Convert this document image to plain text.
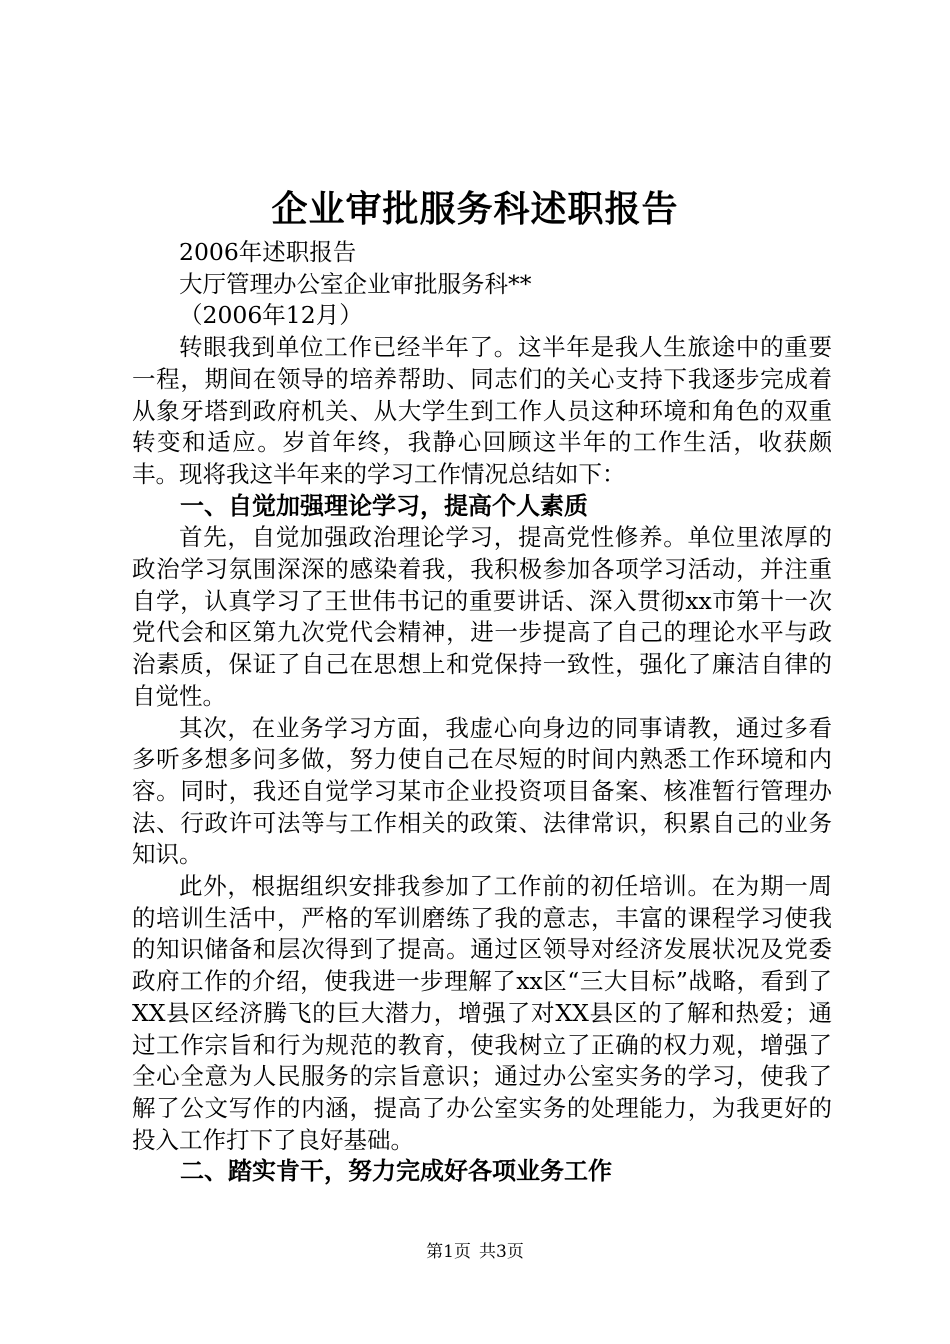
企业审批服务科述职报告

2006年述职报告

大厅管理办公室企业审批服务科**

（2006年12月）

转眼我到单位工作已经半年了。这半年是我人生旅途中的重要一程，期间在领导的培养帮助、同志们的关心支持下我逐步完成着从象牙塔到政府机关、从大学生到工作人员这种环境和角色的双重转变和适应。岁首年终，我静心回顾这半年的工作生活，收获颇丰。现将我这半年来的学习工作情况总结如下：

一、自觉加强理论学习，提高个人素质

首先，自觉加强政治理论学习，提高党性修养。单位里浓厚的政治学习氛围深深的感染着我，我积极参加各项学习活动，并注重自学，认真学习了王世伟书记的重要讲话、深入贯彻xx市第十一次党代会和区第九次党代会精神，进一步提高了自己的理论水平与政治素质，保证了自己在思想上和党保持一致性，强化了廉洁自律的自觉性。

其次，在业务学习方面，我虚心向身边的同事请教，通过多看多听多想多问多做，努力使自己在尽短的时间内熟悉工作环境和内容。同时，我还自觉学习某市企业投资项目备案、核准暂行管理办法、行政许可法等与工作相关的政策、法律常识，积累自己的业务知识。

此外，根据组织安排我参加了工作前的初任培训。在为期一周的培训生活中，严格的军训磨练了我的意志，丰富的课程学习使我的知识储备和层次得到了提高。通过区领导对经济发展状况及党委政府工作的介绍，使我进一步理解了xx区“三大目标”战略，看到了XX县区经济腾飞的巨大潜力，增强了对XX县区的了解和热爱；通过工作宗旨和行为规范的教育，使我树立了正确的权力观，增强了全心全意为人民服务的宗旨意识；通过办公室实务的学习，使我了解了公文写作的内涵，提高了办公室实务的处理能力，为我更好的投入工作打下了良好基础。

二、踏实肯干，努力完成好各项业务工作

第1页 共3页
